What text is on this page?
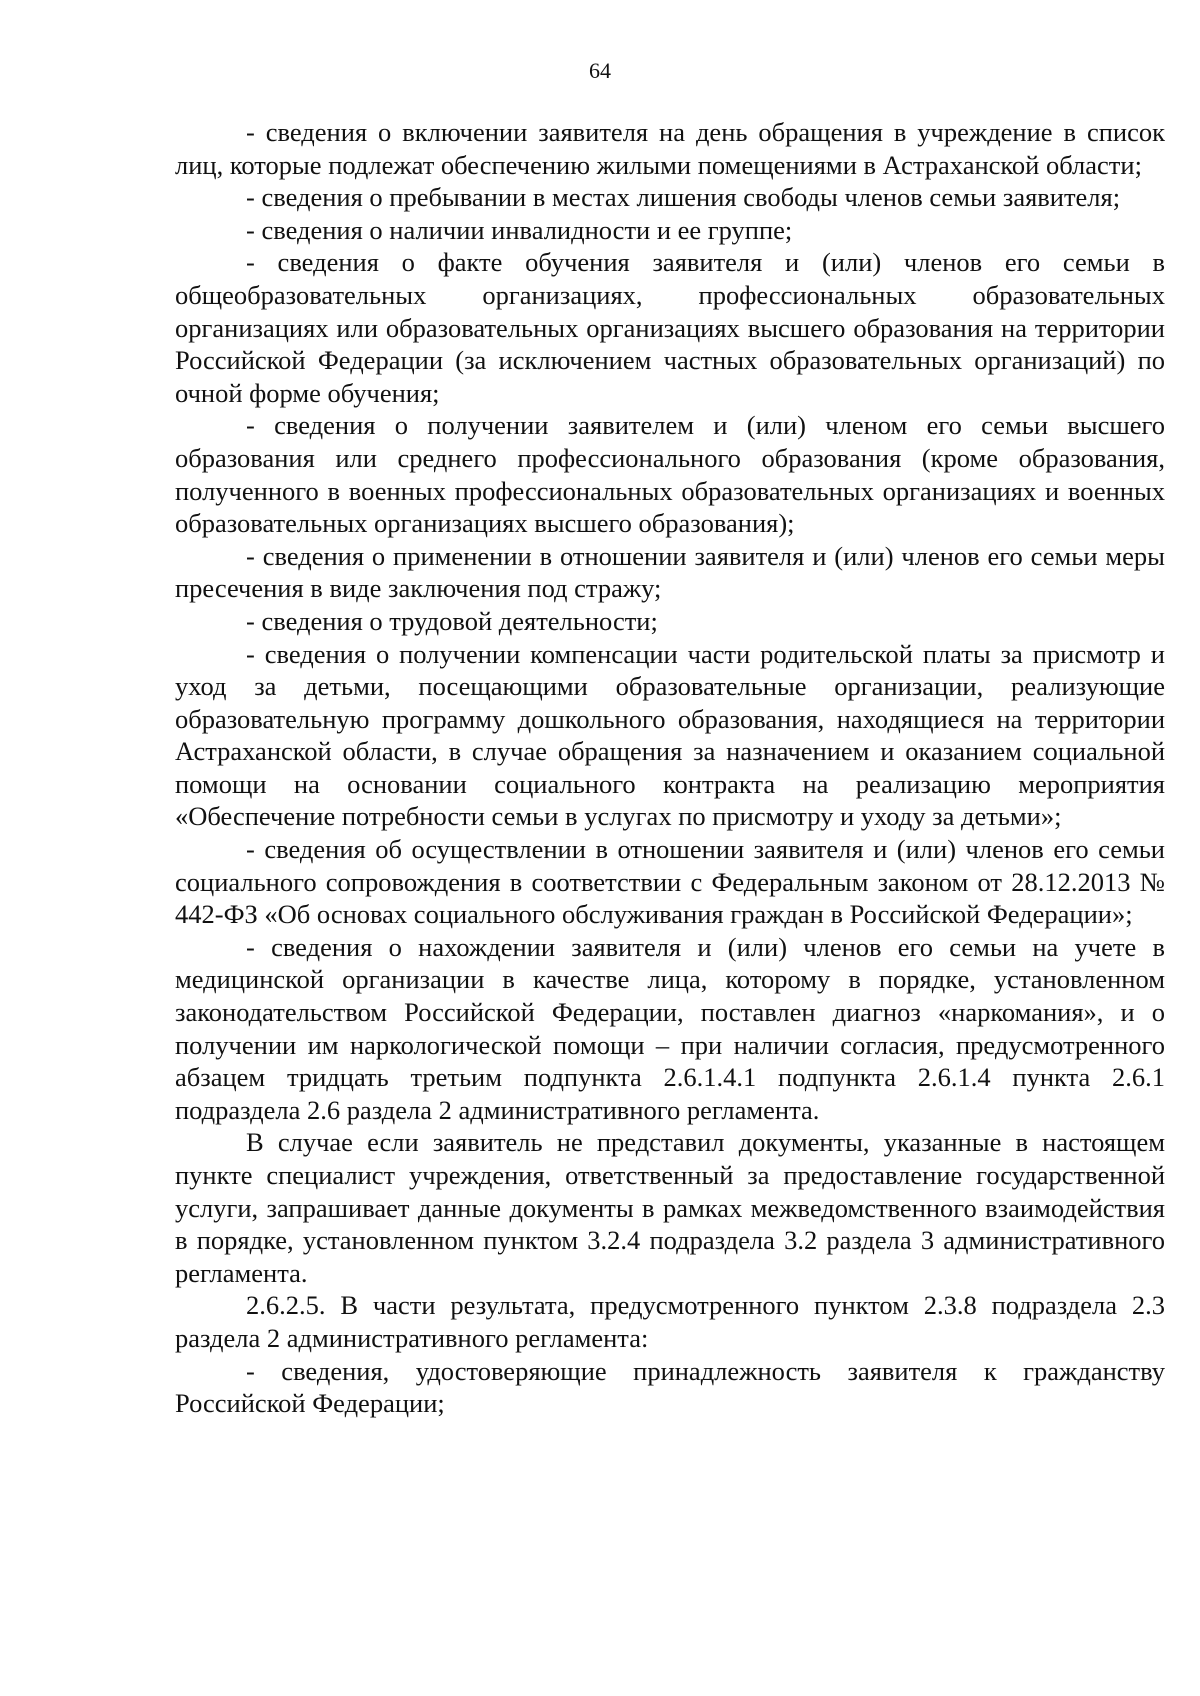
64

- сведения о включении заявителя на день обращения в учреждение в список лиц, которые подлежат обеспечению жилыми помещениями в Астраханской области;

- сведения о пребывании в местах лишения свободы членов семьи заявителя;

- сведения о наличии инвалидности и ее группе;

- сведения о факте обучения заявителя и (или) членов его семьи в общеобразовательных организациях, профессиональных образовательных организациях или образовательных организациях высшего образования на территории Российской Федерации (за исключением частных образовательных организаций) по очной форме обучения;

- сведения о получении заявителем и (или) членом его семьи высшего образования или среднего профессионального образования (кроме образования, полученного в военных профессиональных образовательных организациях и военных образовательных организациях высшего образования);

- сведения о применении в отношении заявителя и (или) членов его семьи меры пресечения в виде заключения под стражу;

- сведения о трудовой деятельности;

- сведения о получении компенсации части родительской платы за присмотр и уход за детьми, посещающими образовательные организации, реализующие образовательную программу дошкольного образования, находящиеся на территории Астраханской области, в случае обращения за назначением и оказанием социальной помощи на основании социального контракта на реализацию мероприятия «Обеспечение потребности семьи в услугах по присмотру и уходу за детьми»;

- сведения об осуществлении в отношении заявителя и (или) членов его семьи социального сопровождения в соответствии с Федеральным законом от 28.12.2013 № 442-ФЗ «Об основах социального обслуживания граждан в Российской Федерации»;

- сведения о нахождении заявителя и (или) членов его семьи на учете в медицинской организации в качестве лица, которому в порядке, установленном законодательством Российской Федерации, поставлен диагноз «наркомания», и о получении им наркологической помощи – при наличии согласия, предусмотренного абзацем тридцать третьим подпункта 2.6.1.4.1 подпункта 2.6.1.4 пункта 2.6.1 подраздела 2.6 раздела 2 административного регламента.

В случае если заявитель не представил документы, указанные в настоящем пункте специалист учреждения, ответственный за предоставление государственной услуги, запрашивает данные документы в рамках межведомственного взаимодействия в порядке, установленном пунктом 3.2.4 подраздела 3.2 раздела 3 административного регламента.

2.6.2.5. В части результата, предусмотренного пунктом 2.3.8 подраздела 2.3 раздела 2 административного регламента:

- сведения, удостоверяющие принадлежность заявителя к гражданству Российской Федерации;
